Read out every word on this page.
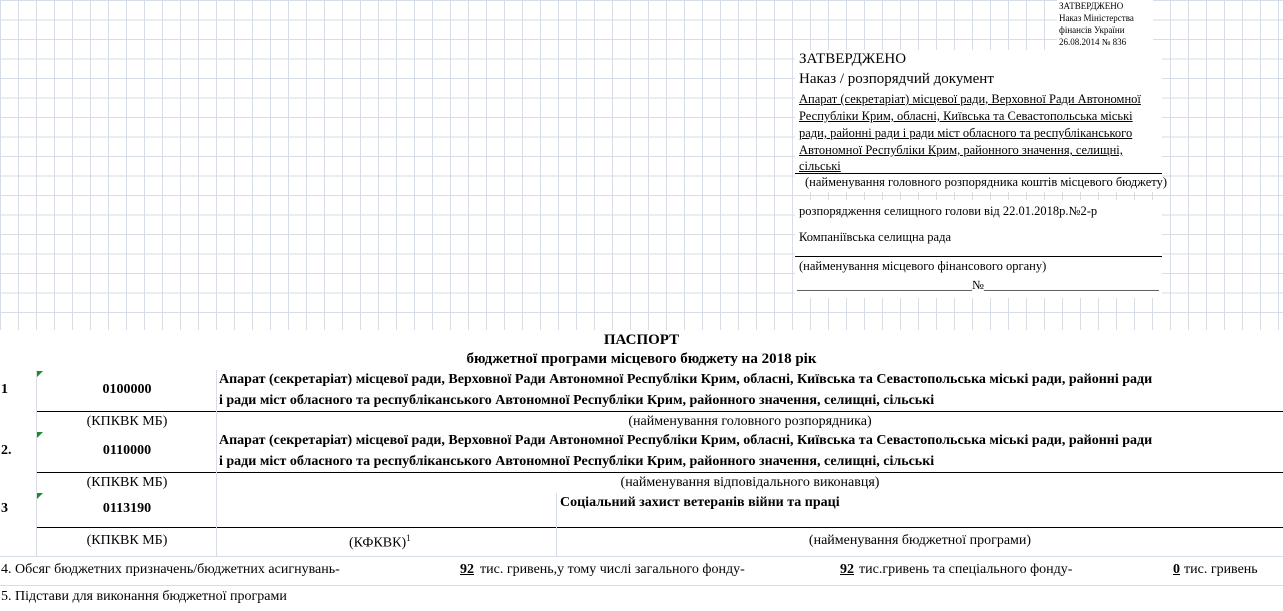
ЗАТВЕРДЖЕНО
Наказ Міністерства
фінансів України
26.08.2014 № 836
ЗАТВЕРДЖЕНО
Наказ / розпорядчий документ
Апарат (секретаріат) місцевої ради, Верховної Ради Автономної
Республіки Крим, обласні, Київська та Севастопольська міські
ради, районні ради і ради міст обласного та республіканського
Автономної Республіки Крим, районного значення, селищні,
сільські
(найменування головного розпорядника коштів місцевого бюджету)
розпорядження селищного голови від 22.01.2018р.№2-р
Компаніївська селищна рада
(найменування місцевого фінансового органу)
____________________________№____________________________
ПАСПОРТ
бюджетної програми місцевого бюджету на 2018 рік
1	0100000
Апарат (секретаріат) місцевої ради, Верховної Ради Автономної Республіки Крим, обласні, Київська та Севастопольська міські ради, районні ради
і ради міст обласного та республіканського Автономної Республіки Крим, районного значення, селищні, сільські
(КПКВК МБ)	(найменування головного розпорядника)
2.	0110000
Апарат (секретаріат) місцевої ради, Верховної Ради Автономної Республіки Крим, обласні, Київська та Севастопольська міські ради, районні ради
і ради міст обласного та республіканського Автономної Республіки Крим, районного значення, селищні, сільські
(КПКВК МБ)	(найменування відповідального виконавця)
3	0113190	Соціальний захист ветеранів війни та праці
(КПКВК МБ)	(КФКВК)$^1$	(найменування бюджетної програми)
4. Обсяг бюджетних призначень/бюджетних асигнувань-	92 тис. гривень,у тому числі загального фонду-	92 тис.гривень та спеціального фонду-	0 тис. гривень
5. Підстави для виконання бюджетної програми
